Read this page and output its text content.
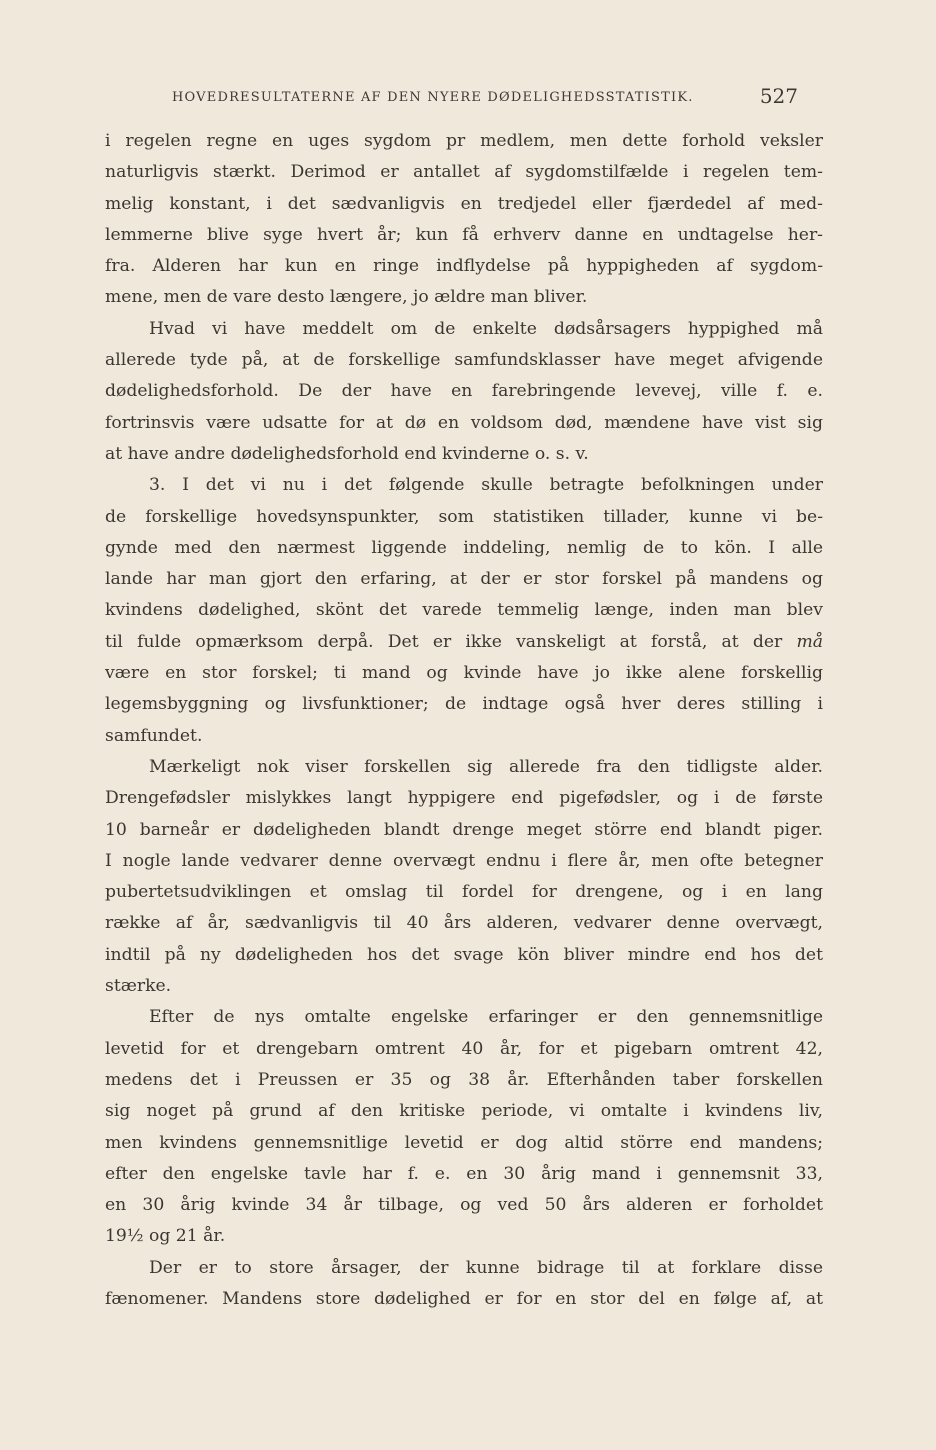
HOVEDRESULTATERNE AF DEN NYERE DØDELIGHEDSSTATISTIK.	527
i regelen regne en uges sygdom pr medlem, men dette forhold veksler
naturligvis stærkt. Derimod er antallet af sygdomstilfælde i regelen tem-
melig konstant, i det sædvanligvis en tredjedel eller fjærdedel af med-
lemmerne blive syge hvert år; kun få erhverv danne en undtagelse her-
fra. Alderen har kun en ringe indflydelse på hyppigheden af sygdom-
mene, men de vare desto længere, jo ældre man bliver.
Hvad vi have meddelt om de enkelte dødsårsagers hyppighed må
allerede tyde på, at de forskellige samfundsklasser have meget afvigende
dødelighedsforhold. De der have en farebringende levevej, ville f. e.
fortrinsvis være udsatte for at dø en voldsom død, mændene have vist sig
at have andre dødelighedsforhold end kvinderne o. s. v.
3. I det vi nu i det følgende skulle betragte befolkningen under
de forskellige hovedsynspunkter, som statistiken tillader, kunne vi be-
gynde med den nærmest liggende inddeling, nemlig de to kön. I alle
lande har man gjort den erfaring, at der er stor forskel på mandens og
kvindens dødelighed, skönt det varede temmelig længe, inden man blev
til fulde opmærksom derpå. Det er ikke vanskeligt at forstå, at der må
være en stor forskel; ti mand og kvinde have jo ikke alene forskellig
legemsbyggning og livsfunktioner; de indtage også hver deres stilling i
samfundet.
Mærkeligt nok viser forskellen sig allerede fra den tidligste alder.
Drengefødsler mislykkes langt hyppigere end pigefødsler, og i de første
10 barneår er dødeligheden blandt drenge meget större end blandt piger.
I nogle lande vedvarer denne overvægt endnu i flere år, men ofte betegner
pubertetsudviklingen et omslag til fordel for drengene, og i en lang
række af år, sædvanligvis til 40 års alderen, vedvarer denne overvægt,
indtil på ny dødeligheden hos det svage kön bliver mindre end hos det
stærke.
Efter de nys omtalte engelske erfaringer er den gennemsnitlige
levetid for et drengebarn omtrent 40 år, for et pigebarn omtrent 42,
medens det i Preussen er 35 og 38 år. Efterhånden taber forskellen
sig noget på grund af den kritiske periode, vi omtalte i kvindens liv,
men kvindens gennemsnitlige levetid er dog altid större end mandens;
efter den engelske tavle har f. e. en 30 årig mand i gennemsnit 33,
en 30 årig kvinde 34 år tilbage, og ved 50 års alderen er forholdet
19½ og 21 år.
Der er to store årsager, der kunne bidrage til at forklare disse
fænomener. Mandens store dødelighed er for en stor del en følge af, at
